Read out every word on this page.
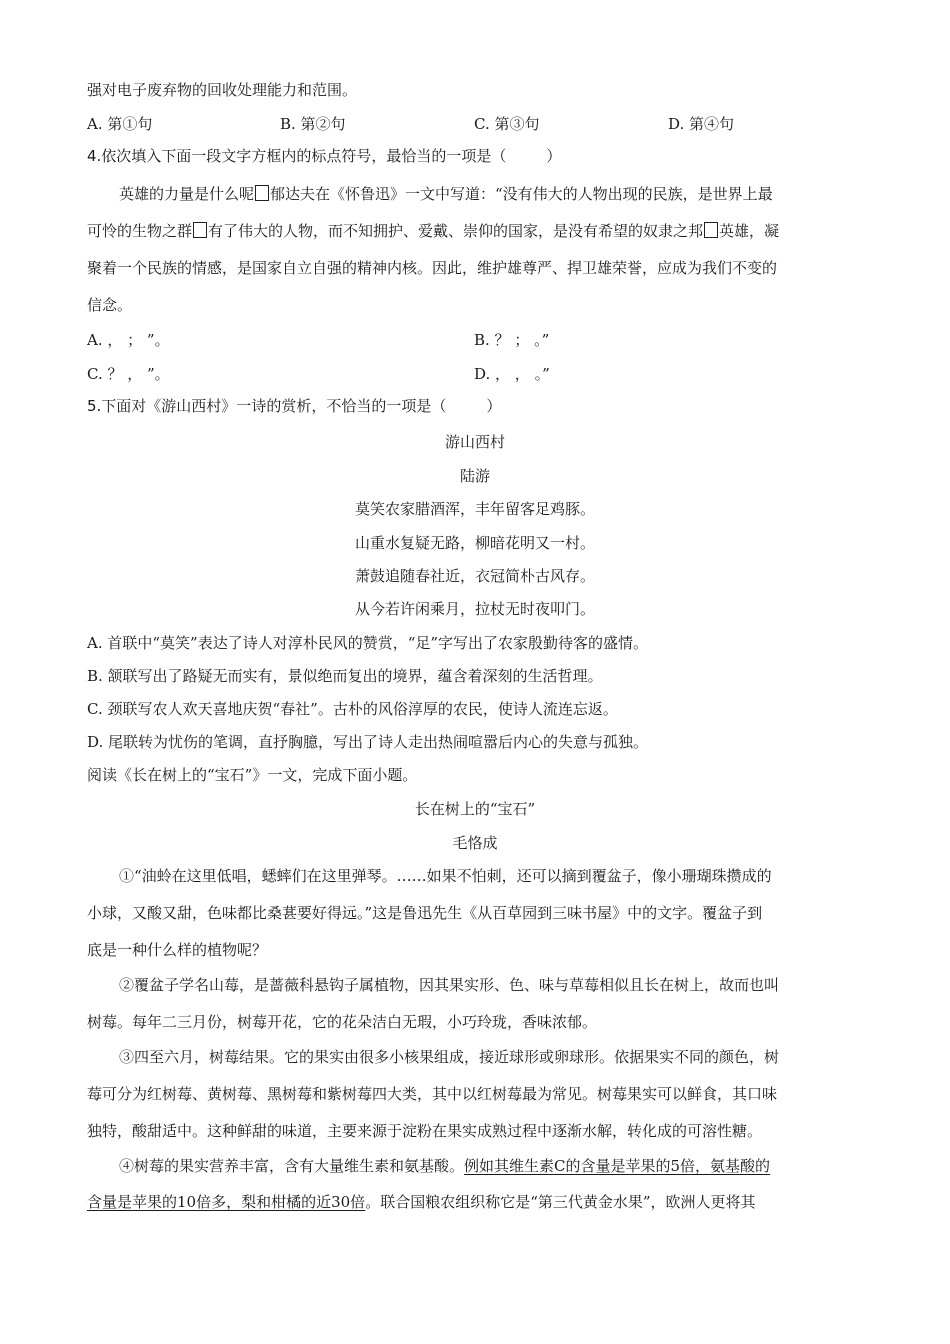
强对电子废弃物的回收处理能力和范围。
A. 第①句	B. 第②句	C. 第③句	D. 第④句
4.依次填入下面一段文字方框内的标点符号，最恰当的一项是（	）
英雄的力量是什么呢 郁达夫在《怀鲁迅》一文中写道：“没有伟大的人物出现的民族，是世界上最
可怜的生物之群 有了伟大的人物，而不知拥护、爱戴、崇仰的国家，是没有希望的奴隶之邦 英雄，凝
聚着一个民族的情感，是国家自立自强的精神内核。因此，维护雄尊严、捍卫雄荣誉，应成为我们不变的
信念。
A. ， ； ”。	B. ？ ； 。”
C. ？ ， ”。	D. ， ， 。”
5.下面对《游山西村》一诗的赏析，不恰当的一项是（	）
游山西村
陆游
莫笑农家腊酒浑，丰年留客足鸡豚。
山重水复疑无路，柳暗花明又一村。
萧鼓追随春社近，衣冠简朴古风存。
从今若许闲乘月，拉杖无时夜叩门。
A. 首联中“莫笑”表达了诗人对淳朴民风的赞赏，“足”字写出了农家殷勤待客的盛情。
B. 颔联写出了路疑无而实有，景似绝而复出的境界，蕴含着深刻的生活哲理。
C. 颈联写农人欢天喜地庆贺“春社”。古朴的风俗淳厚的农民，使诗人流连忘返。
D. 尾联转为忧伤的笔调，直抒胸臆，写出了诗人走出热闹喧嚣后内心的失意与孤独。
阅读《长在树上的“宝石”》一文，完成下面小题。
长在树上的“宝石”
毛恪成
①“油蛉在这里低唱，蟋蟀们在这里弹琴。……如果不怕刺，还可以摘到覆盆子，像小珊瑚珠攒成的
小球，又酸又甜，色味都比桑葚要好得远。”这是鲁迅先生《从百草园到三味书屋》中的文字。覆盆子到
底是一种什么样的植物呢？
②覆盆子学名山莓，是蔷薇科悬钩子属植物，因其果实形、色、味与草莓相似且长在树上，故而也叫
树莓。每年二三月份，树莓开花，它的花朵洁白无瑕，小巧玲珑，香味浓郁。
③四至六月，树莓结果。它的果实由很多小核果组成，接近球形或卵球形。依据果实不同的颜色，树
莓可分为红树莓、黄树莓、黑树莓和紫树莓四大类，其中以红树莓最为常见。树莓果实可以鲜食，其口味
独特，酸甜适中。这种鲜甜的味道，主要来源于淀粉在果实成熟过程中逐渐水解，转化成的可溶性糖。
④树莓的果实营养丰富，含有大量维生素和氨基酸。例如其维生素C的含量是苹果的5倍，氨基酸的
含量是苹果的10倍多，梨和柑橘的近30倍。联合国粮农组织称它是“第三代黄金水果”，欧洲人更将其
